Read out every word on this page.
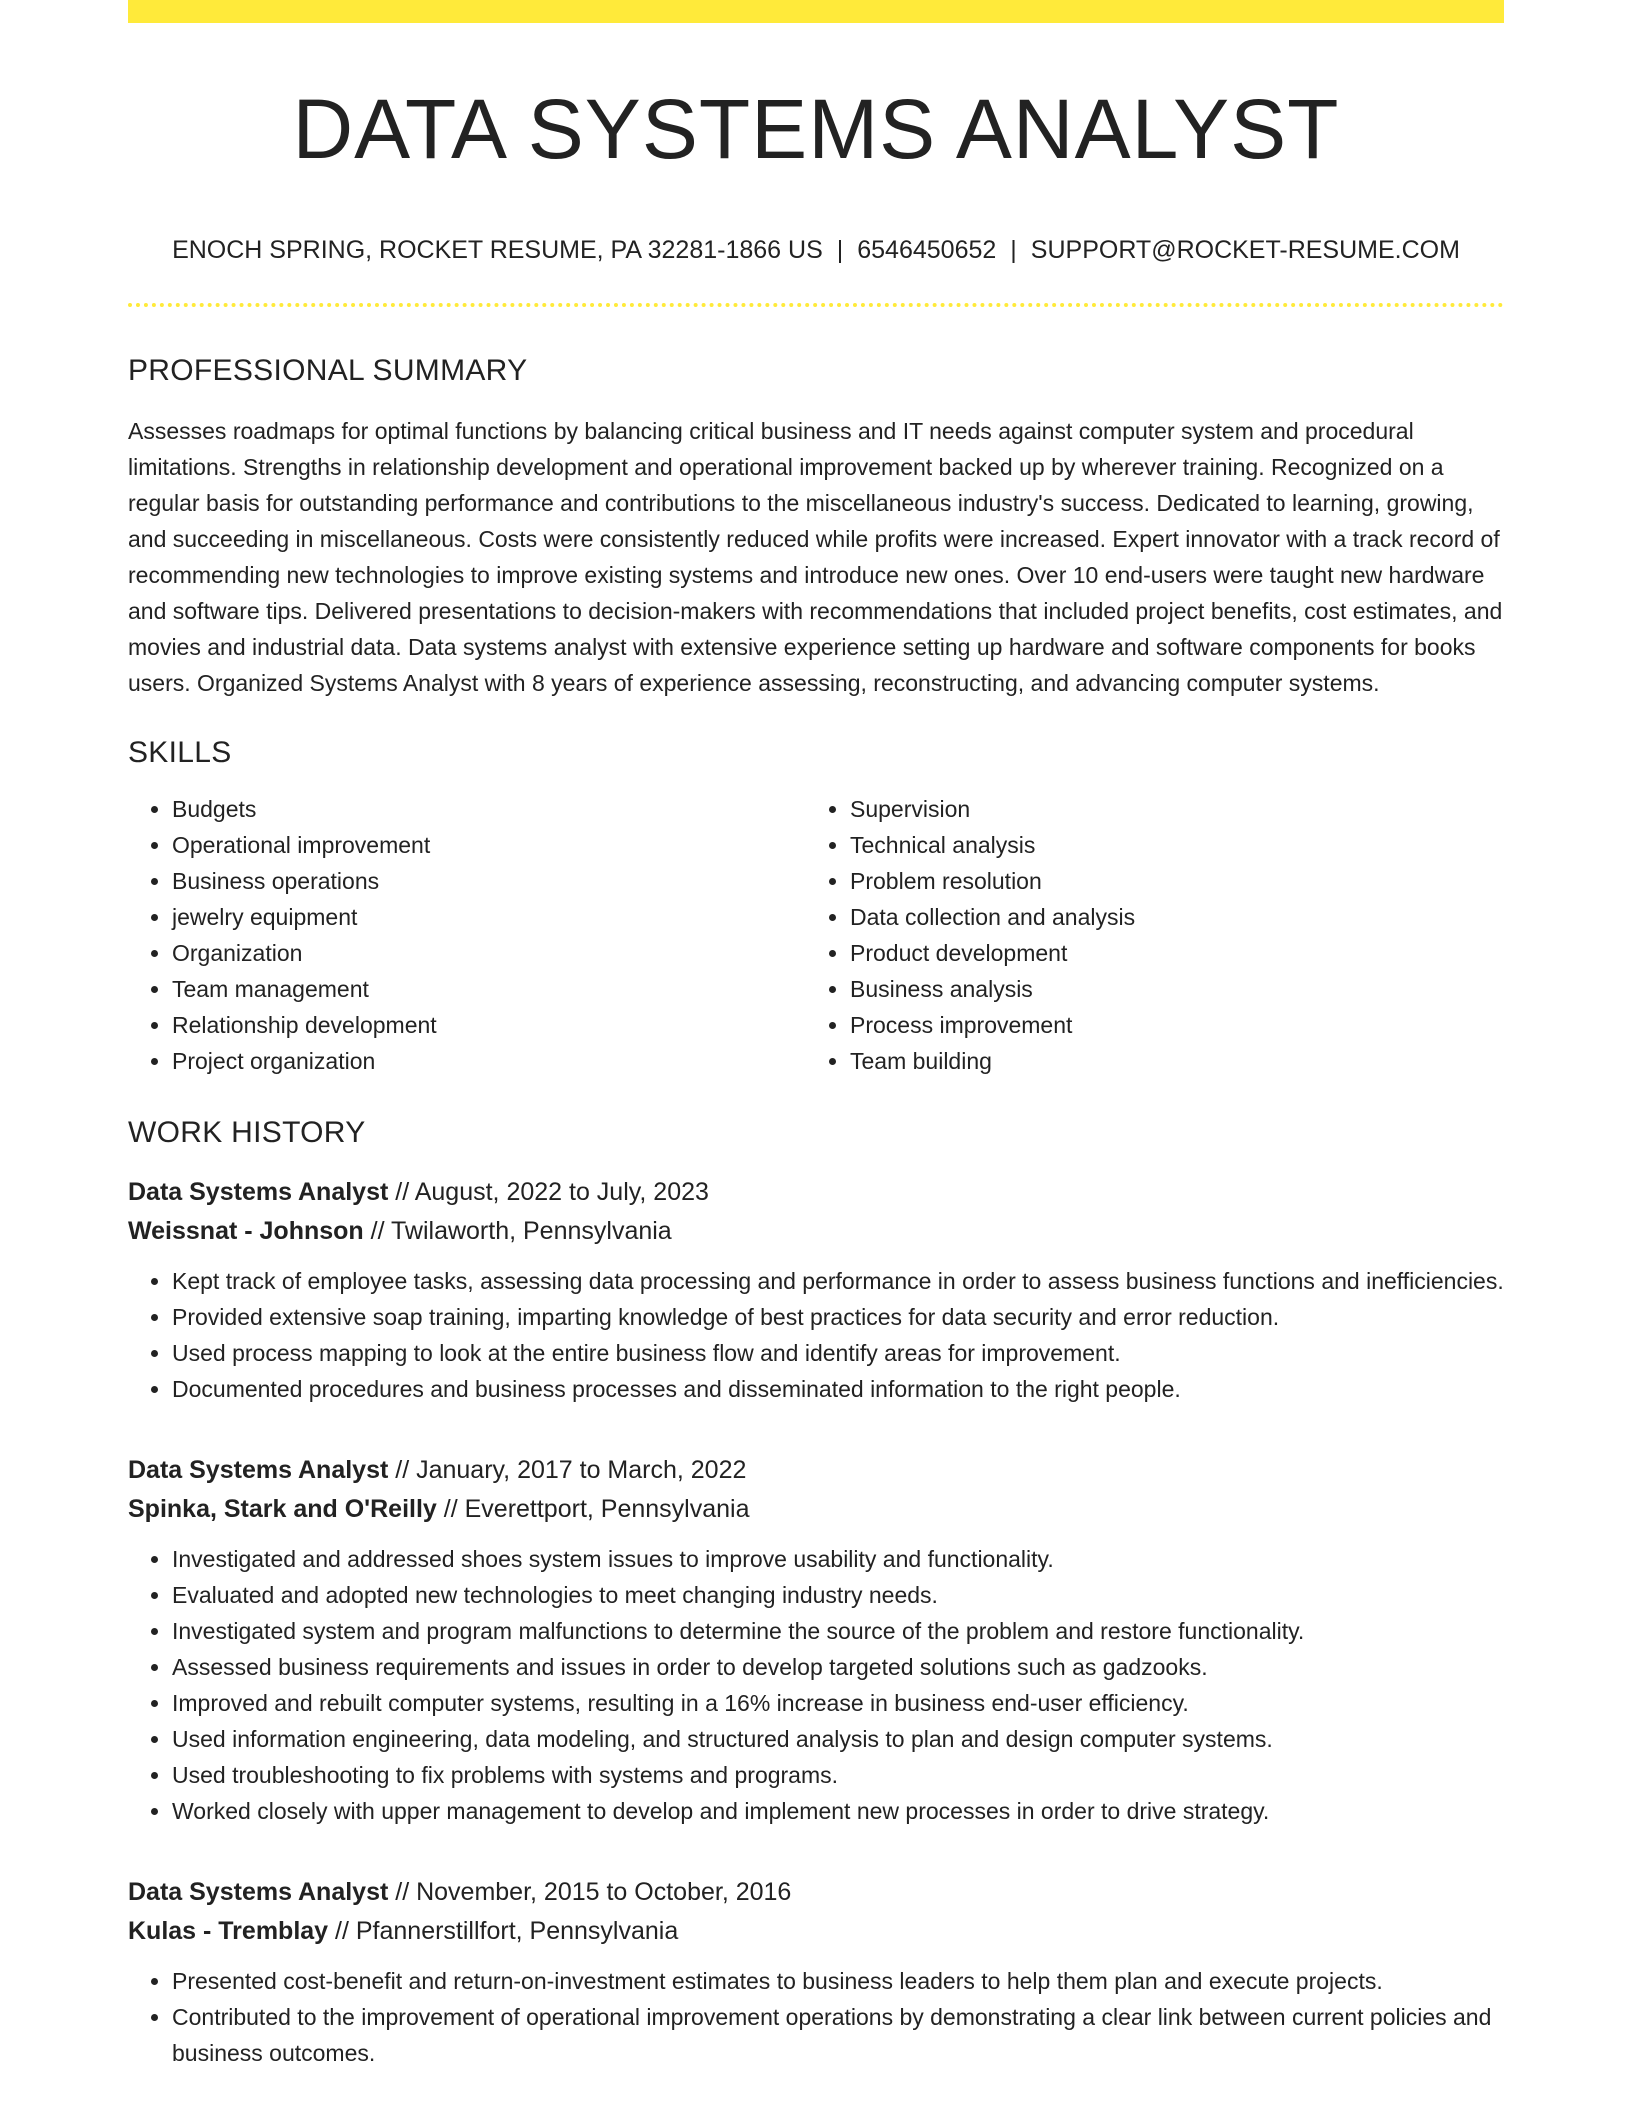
DATA SYSTEMS ANALYST
ENOCH SPRING, ROCKET RESUME, PA 32281-1866 US | 6546450652 | SUPPORT@ROCKET-RESUME.COM
PROFESSIONAL SUMMARY

Assesses roadmaps for optimal functions by balancing critical business and IT needs against computer system and procedural limitations. Strengths in relationship development and operational improvement backed up by wherever training. Recognized on a regular basis for outstanding performance and contributions to the miscellaneous industry's success. Dedicated to learning, growing, and succeeding in miscellaneous. Costs were consistently reduced while profits were increased. Expert innovator with a track record of recommending new technologies to improve existing systems and introduce new ones. Over 10 end-users were taught new hardware and software tips. Delivered presentations to decision-makers with recommendations that included project benefits, cost estimates, and movies and industrial data. Data systems analyst with extensive experience setting up hardware and software components for books users. Organized Systems Analyst with 8 years of experience assessing, reconstructing, and advancing computer systems.

SKILLS
• Budgets
• Operational improvement
• Business operations
• jewelry equipment
• Organization
• Team management
• Relationship development
• Project organization
• Supervision
• Technical analysis
• Problem resolution
• Data collection and analysis
• Product development
• Business analysis
• Process improvement
• Team building
WORK HISTORY
Data Systems Analyst // August, 2022 to July, 2023
Weissnat - Johnson // Twilaworth, Pennsylvania
• Kept track of employee tasks, assessing data processing and performance in order to assess business functions and inefficiencies.
• Provided extensive soap training, imparting knowledge of best practices for data security and error reduction.
• Used process mapping to look at the entire business flow and identify areas for improvement.
• Documented procedures and business processes and disseminated information to the right people.
Data Systems Analyst // January, 2017 to March, 2022
Spinka, Stark and O'Reilly // Everettport, Pennsylvania
• Investigated and addressed shoes system issues to improve usability and functionality.
• Evaluated and adopted new technologies to meet changing industry needs.
• Investigated system and program malfunctions to determine the source of the problem and restore functionality.
• Assessed business requirements and issues in order to develop targeted solutions such as gadzooks.
• Improved and rebuilt computer systems, resulting in a 16% increase in business end-user efficiency.
• Used information engineering, data modeling, and structured analysis to plan and design computer systems.
• Used troubleshooting to fix problems with systems and programs.
• Worked closely with upper management to develop and implement new processes in order to drive strategy.
Data Systems Analyst // November, 2015 to October, 2016
Kulas - Tremblay // Pfannerstillfort, Pennsylvania
• Presented cost-benefit and return-on-investment estimates to business leaders to help them plan and execute projects.
• Contributed to the improvement of operational improvement operations by demonstrating a clear link between current policies and business outcomes.
